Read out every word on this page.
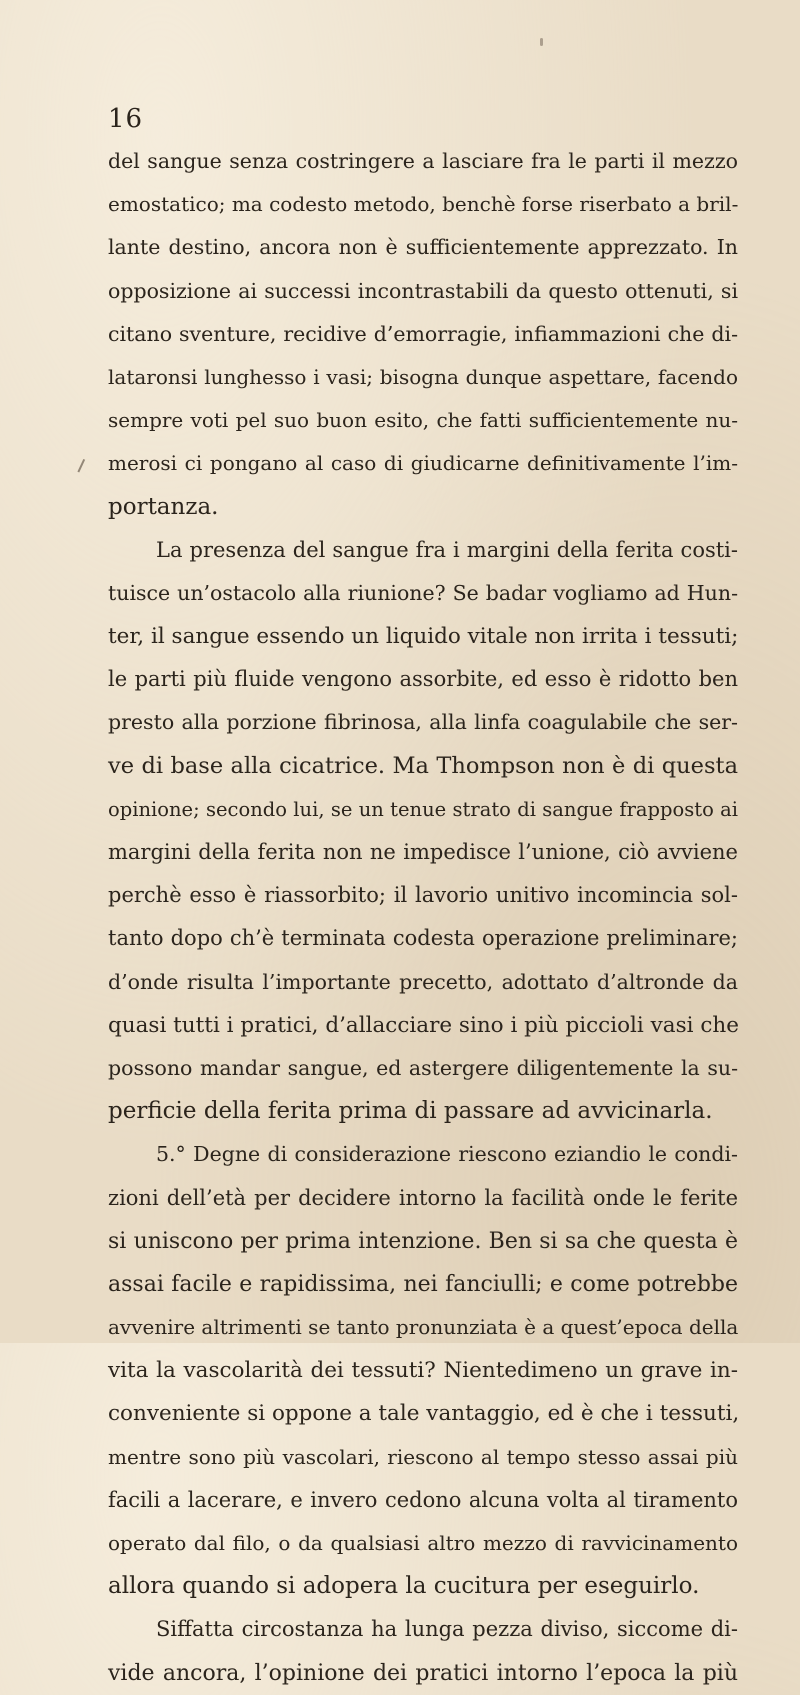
16
del sangue senza costringere a lasciare fra le parti il mezzo
emostatico; ma codesto metodo, benchè forse riserbato a bril-
lante destino, ancora non è sufficientemente apprezzato. In
opposizione ai successi incontrastabili da questo ottenuti, si
citano sventure, recidive d’emorragie, infiammazioni che di-
lataronsi lunghesso i vasi; bisogna dunque aspettare, facendo
sempre voti pel suo buon esito, che fatti sufficientemente nu-
merosi ci pongano al caso di giudicarne definitivamente l’im-
portanza.
La presenza del sangue fra i margini della ferita costi-
tuisce un’ostacolo alla riunione? Se badar vogliamo ad Hun-
ter, il sangue essendo un liquido vitale non irrita i tessuti;
le parti più fluide vengono assorbite, ed esso è ridotto ben
presto alla porzione fibrinosa, alla linfa coagulabile che ser-
ve di base alla cicatrice. Ma Thompson non è di questa
opinione; secondo lui, se un tenue strato di sangue frapposto ai
margini della ferita non ne impedisce l’unione, ciò avviene
perchè esso è riassorbito; il lavorio unitivo incomincia sol-
tanto dopo ch’è terminata codesta operazione preliminare;
d’onde risulta l’importante precetto, adottato d’altronde da
quasi tutti i pratici, d’allacciare sino i più piccioli vasi che
possono mandar sangue, ed astergere diligentemente la su-
perficie della ferita prima di passare ad avvicinarla.
5.° Degne di considerazione riescono eziandio le condi-
zioni dell’età per decidere intorno la facilità onde le ferite
si uniscono per prima intenzione. Ben si sa che questa è
assai facile e rapidissima, nei fanciulli; e come potrebbe
avvenire altrimenti se tanto pronunziata è a quest’epoca della
vita la vascolarità dei tessuti? Nientedimeno un grave in-
conveniente si oppone a tale vantaggio, ed è che i tessuti,
mentre sono più vascolari, riescono al tempo stesso assai più
facili a lacerare, e invero cedono alcuna volta al tiramento
operato dal filo, o da qualsiasi altro mezzo di ravvicinamento
allora quando si adopera la cucitura per eseguirlo.
Siffatta circostanza ha lunga pezza diviso, siccome di-
vide ancora, l’opinione dei pratici intorno l’epoca la più
